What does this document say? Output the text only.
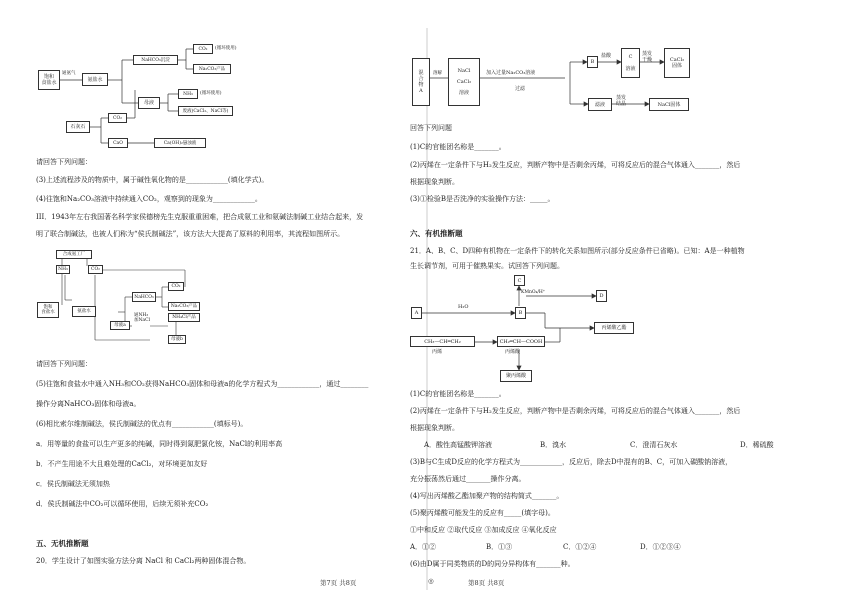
饱和
食盐水
通氨气
氨盐水
NaHCO₃沉淀
CO₂	(循环使用)
Na₂CO₃产品
母液
NH₃	(循环使用)
废液(CaCl₂、NaCl等)
石灰石
CO₂
CaO	Ca(OH)₂悬浊液
请回答下列问题：
(3)上述流程涉及的物质中，属于碱性氧化物的是____________(填化学式)。
(4)往饱和Na₂CO₃溶液中持续通入CO₂，观察到的现象为____________。
III．1943年左右我国著名科学家侯德榜先生克服重重困难，把合成氨工业和氨碱法制碱工业结合起来，发
明了联合制碱法，也被人们称为“侯氏制碱法”，该方法大大提高了原料的利用率，其流程如图所示。
合成氨工厂
NH₃	CO₂
饱和
食盐水	氨盐水
NaHCO₃
CO₂
Na₂CO₃产品
母液a
通NH₃
加NaCl
NH₄Cl产品
母液b
请回答下列问题：
(5)往饱和食盐水中通入NH₃和CO₂获得NaHCO₃固体和母液a的化学方程式为____________，通过________
操作分离NaHCO₃固体和母液a。
(6)相比索尔维制碱法，侯氏制碱法的优点有____________(填标号)。
a．用等量的食盐可以生产更多的纯碱，同时得到氮肥氯化铵，NaCl的利用率高
b．不产生用途不大且难处理的CaCl₂，对环境更加友好
c．侯氏制碱法无须加热
d．侯氏制碱法中CO₂可以循环使用，后续无须补充CO₂
五、无机推断题
20．学生设计了如图实验方法分离 NaCl 和 CaCl₂两种固体混合物。
混
合
物
A
溶解	NaCl
CaCl₂
溶液
加入过量Na₂CO₃溶液
过滤
B
盐酸	C
溶液
蒸发
干燥	CaCl₂
固体
滤液
蒸发
结晶	NaCl固体
回答下列问题
(1)C的官能团名称是_______。
(2)丙烯在一定条件下与H₂发生反应，判断产物中是否剩余丙烯，可将反应后的混合气体通入_______，然后
根据现象判断。
(3)①检验B是否洗净的实验操作方法：_____。
六、有机推断题
21．A、B、C、D四种有机物在一定条件下的转化关系如图所示(部分反应条件已省略)。已知：A是一种植物
生长调节剂，可用于催熟果实。试回答下列问题。
A
H₂O
B
C
KMnO₄/H⁺
D
CH₃—CH═CH₂
丙烯
CH₂═CH—COOH
丙烯酸
丙烯酸乙酯
聚丙烯酸
(1)C的官能团名称是_______。
(2)丙烯在一定条件下与H₂发生反应，判断产物中是否剩余丙烯，可将反应后的混合气体通入_______，然后
根据现象判断。
A．酸性高锰酸钾溶液	B．溴水	C．澄清石灰水	D．稀硫酸
(3)B与C生成D反应的化学方程式为____________，反应后，除去D中混有的B、C，可加入碳酸钠溶液，
充分振荡然后通过_______操作分离。
(4)写出丙烯酸乙酯加聚产物的结构简式_______。
(5)聚丙烯酸可能发生的反应有_____(填字母)。
①中和反应 ②取代反应 ③加成反应 ④氧化反应
A．①②	B．①③	C．①②④	D．①②③④
(6)由D属于同类物质的D的同分异构体有_______种。
第7页 共8页	◎	第8页 共8页
